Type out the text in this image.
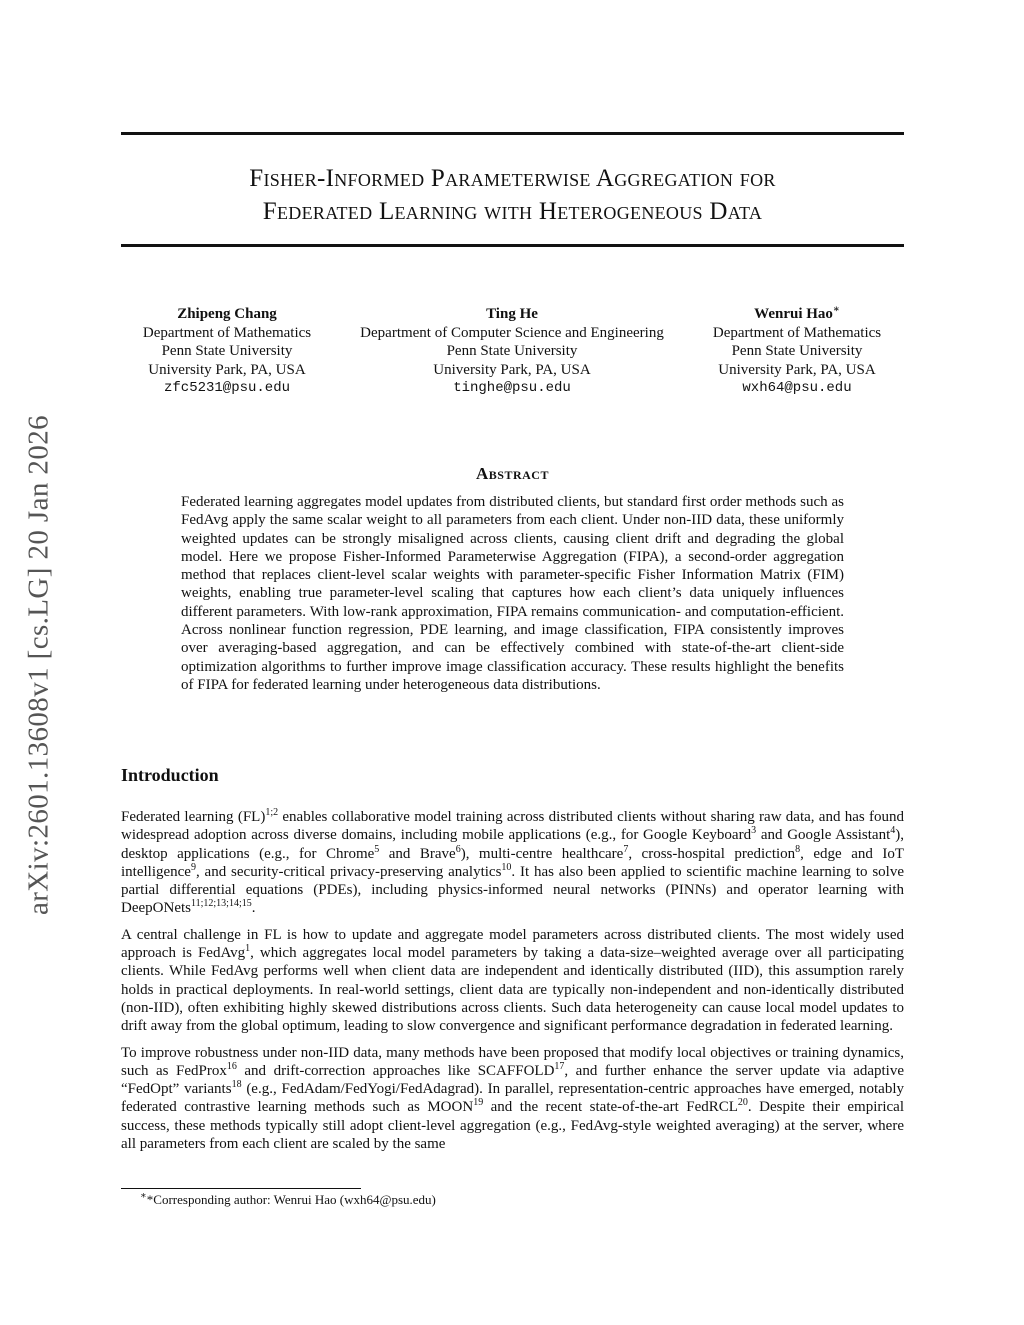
arXiv:2601.13608v1 [cs.LG] 20 Jan 2026
Fisher-Informed Parameterwise Aggregation for
Federated Learning with Heterogeneous Data
Zhipeng Chang
Department of Mathematics
Penn State University
University Park, PA, USA
zfc5231@psu.edu
Ting He
Department of Computer Science and Engineering
Penn State University
University Park, PA, USA
tinghe@psu.edu
Wenrui Hao∗
Department of Mathematics
Penn State University
University Park, PA, USA
wxh64@psu.edu
Abstract
Federated learning aggregates model updates from distributed clients, but standard first order methods such as FedAvg apply the same scalar weight to all parameters from each client. Under non-IID data, these uniformly weighted updates can be strongly misaligned across clients, causing client drift and degrading the global model. Here we propose Fisher-Informed Parameterwise Aggregation (FIPA), a second-order aggregation method that replaces client-level scalar weights with parameter-specific Fisher Information Matrix (FIM) weights, enabling true parameter-level scaling that captures how each client’s data uniquely influences different parameters. With low-rank approximation, FIPA remains communication- and computation-efficient. Across nonlinear function regression, PDE learning, and image classification, FIPA consistently improves over averaging-based aggregation, and can be effectively combined with state-of-the-art client-side optimization algorithms to further improve image classification accuracy. These results highlight the benefits of FIPA for federated learning under heterogeneous data distributions.
Introduction

Federated learning (FL)$^{1;2}$ enables collaborative model training across distributed clients without sharing raw data, and has found widespread adoption across diverse domains, including mobile applications (e.g., for Google Keyboard$^3$ and Google Assistant$^4$), desktop applications (e.g., for Chrome$^5$ and Brave$^6$), multi-centre healthcare$^7$, cross-hospital prediction$^8$, edge and IoT intelligence$^9$, and security-critical privacy-preserving analytics$^{10}$. It has also been applied to scientific machine learning to solve partial differential equations (PDEs), including physics-informed neural networks (PINNs) and operator learning with DeepONets$^{11;12;13;14;15}$.

A central challenge in FL is how to update and aggregate model parameters across distributed clients. The most widely used approach is FedAvg$^1$, which aggregates local model parameters by taking a data-size–weighted average over all participating clients. While FedAvg performs well when client data are independent and identically distributed (IID), this assumption rarely holds in practical deployments. In real-world settings, client data are typically non-independent and non-identically distributed (non-IID), often exhibiting highly skewed distributions across clients. Such data heterogeneity can cause local model updates to drift away from the global optimum, leading to slow convergence and significant performance degradation in federated learning.

To improve robustness under non-IID data, many methods have been proposed that modify local objectives or training dynamics, such as FedProx$^{16}$ and drift-correction approaches like SCAFFOLD$^{17}$, and further enhance the server update via adaptive “FedOpt” variants$^{18}$ (e.g., FedAdam/FedYogi/FedAdagrad). In parallel, representation-centric approaches have emerged, notably federated contrastive learning methods such as MOON$^{19}$ and the recent state-of-the-art FedRCL$^{20}$. Despite their empirical success, these methods typically still adopt client-level aggregation (e.g., FedAvg-style weighted averaging) at the server, where all parameters from each client are scaled by the same

∗*Corresponding author: Wenrui Hao (wxh64@psu.edu)
